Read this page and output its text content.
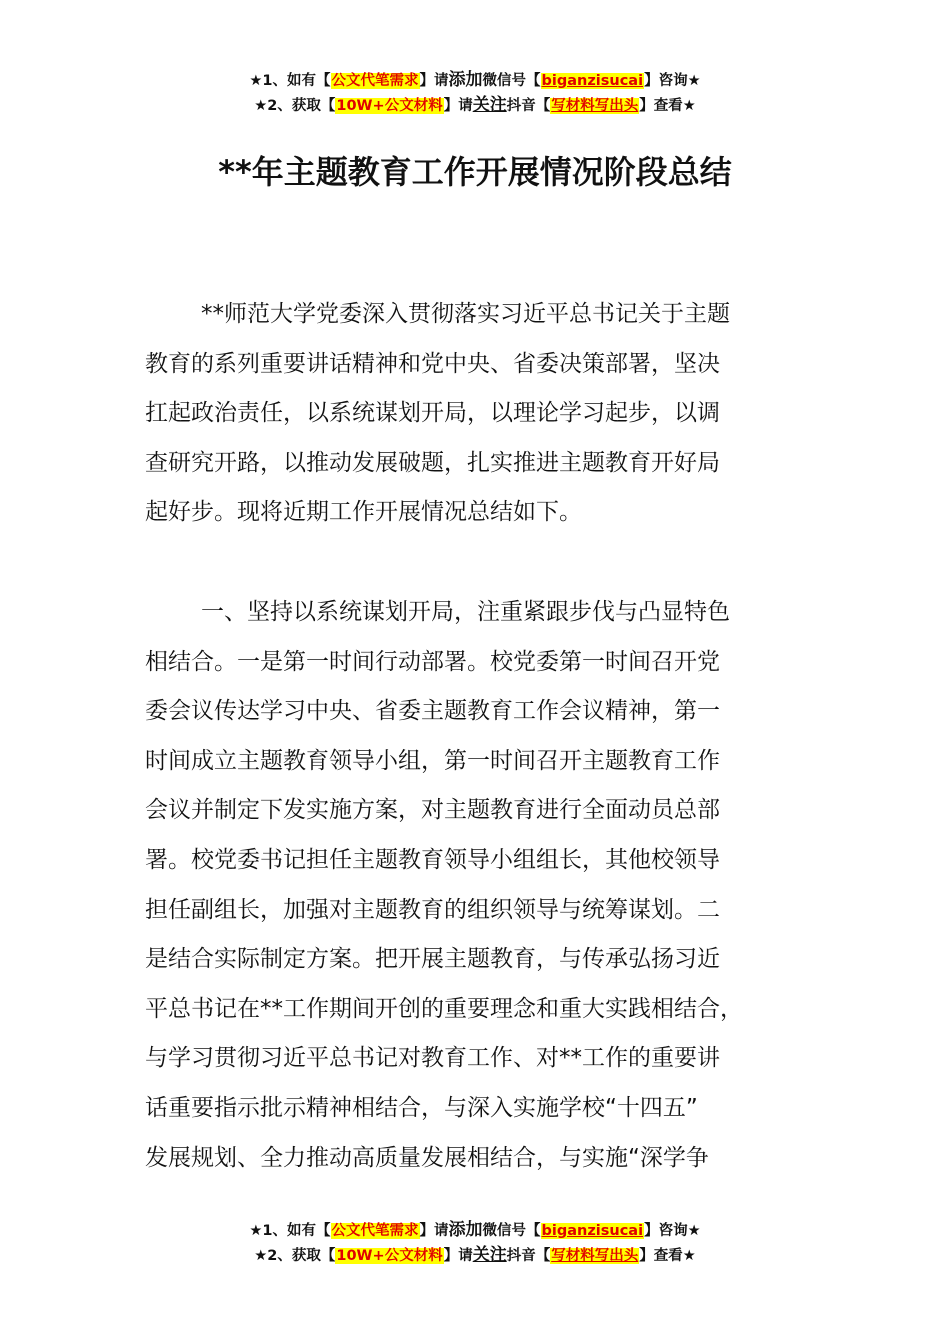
★1、如有【公文代笔需求】请添加微信号【biganzisucai】咨询★
★2、获取【10W+公文材料】请关注抖音【写材料写出头】查看★
**年主题教育工作开展情况阶段总结
**师范大学党委深入贯彻落实习近平总书记关于主题
教育的系列重要讲话精神和党中央、省委决策部署，坚决
扛起政治责任，以系统谋划开局，以理论学习起步，以调
查研究开路，以推动发展破题，扎实推进主题教育开好局
起好步。现将近期工作开展情况总结如下。
一、坚持以系统谋划开局，注重紧跟步伐与凸显特色
相结合。一是第一时间行动部署。校党委第一时间召开党
委会议传达学习中央、省委主题教育工作会议精神，第一
时间成立主题教育领导小组，第一时间召开主题教育工作
会议并制定下发实施方案，对主题教育进行全面动员总部
署。校党委书记担任主题教育领导小组组长，其他校领导
担任副组长，加强对主题教育的组织领导与统筹谋划。二
是结合实际制定方案。把开展主题教育，与传承弘扬习近
平总书记在**工作期间开创的重要理念和重大实践相结合，
与学习贯彻习近平总书记对教育工作、对**工作的重要讲
话重要指示批示精神相结合，与深入实施学校“十四五”
发展规划、全力推动高质量发展相结合，与实施“深学争
★1、如有【公文代笔需求】请添加微信号【biganzisucai】咨询★
★2、获取【10W+公文材料】请关注抖音【写材料写出头】查看★
